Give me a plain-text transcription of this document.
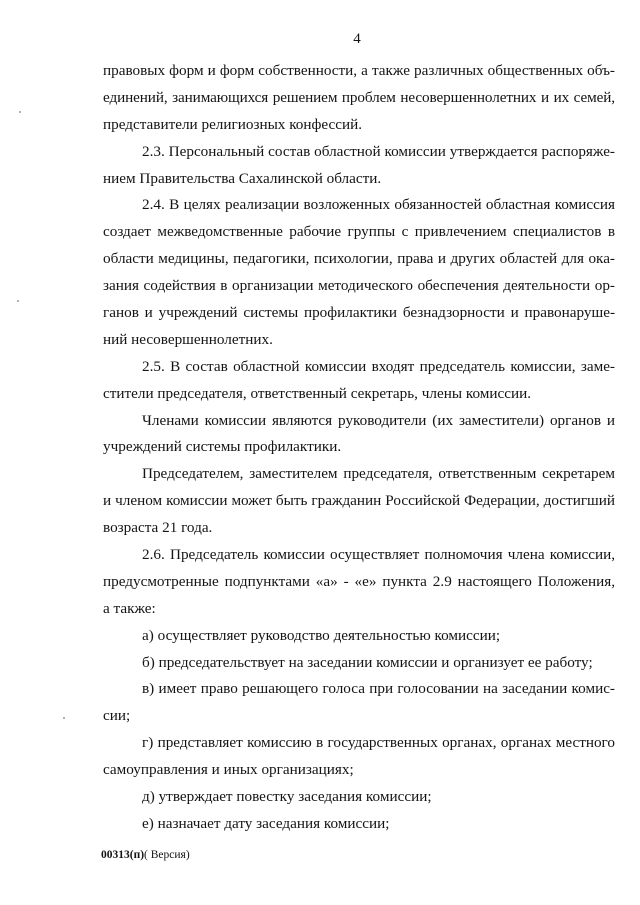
4
правовых форм и форм собственности, а также различных общественных объ-
единений, занимающихся решением проблем несовершеннолетних и их семей,
представители религиозных конфессий.
2.3. Персональный состав областной комиссии утверждается распоряже-
нием Правительства Сахалинской области.
2.4. В целях реализации возложенных обязанностей областная комиссия
создает межведомственные рабочие группы с привлечением специалистов в
области медицины, педагогики, психологии, права и других областей для ока-
зания содействия в организации методического обеспечения деятельности ор-
ганов и учреждений системы профилактики безнадзорности и правонаруше-
ний несовершеннолетних.
2.5. В состав областной комиссии входят председатель комиссии, заме-
стители председателя, ответственный секретарь, члены комиссии.
Членами комиссии являются руководители (их заместители) органов и
учреждений системы профилактики.
Председателем, заместителем председателя, ответственным секретарем
и членом комиссии может быть гражданин Российской Федерации, достигший
возраста 21 года.
2.6. Председатель комиссии осуществляет полномочия члена комиссии,
предусмотренные подпунктами «а» - «е» пункта 2.9 настоящего Положения,
а также:
а) осуществляет руководство деятельностью комиссии;
б) председательствует на заседании комиссии и организует ее работу;
в) имеет право решающего голоса при голосовании на заседании комис-
сии;
г) представляет комиссию в государственных органах, органах местного
самоуправления и иных организациях;
д) утверждает повестку заседания комиссии;
е) назначает дату заседания комиссии;
00313(п)( Версия)
